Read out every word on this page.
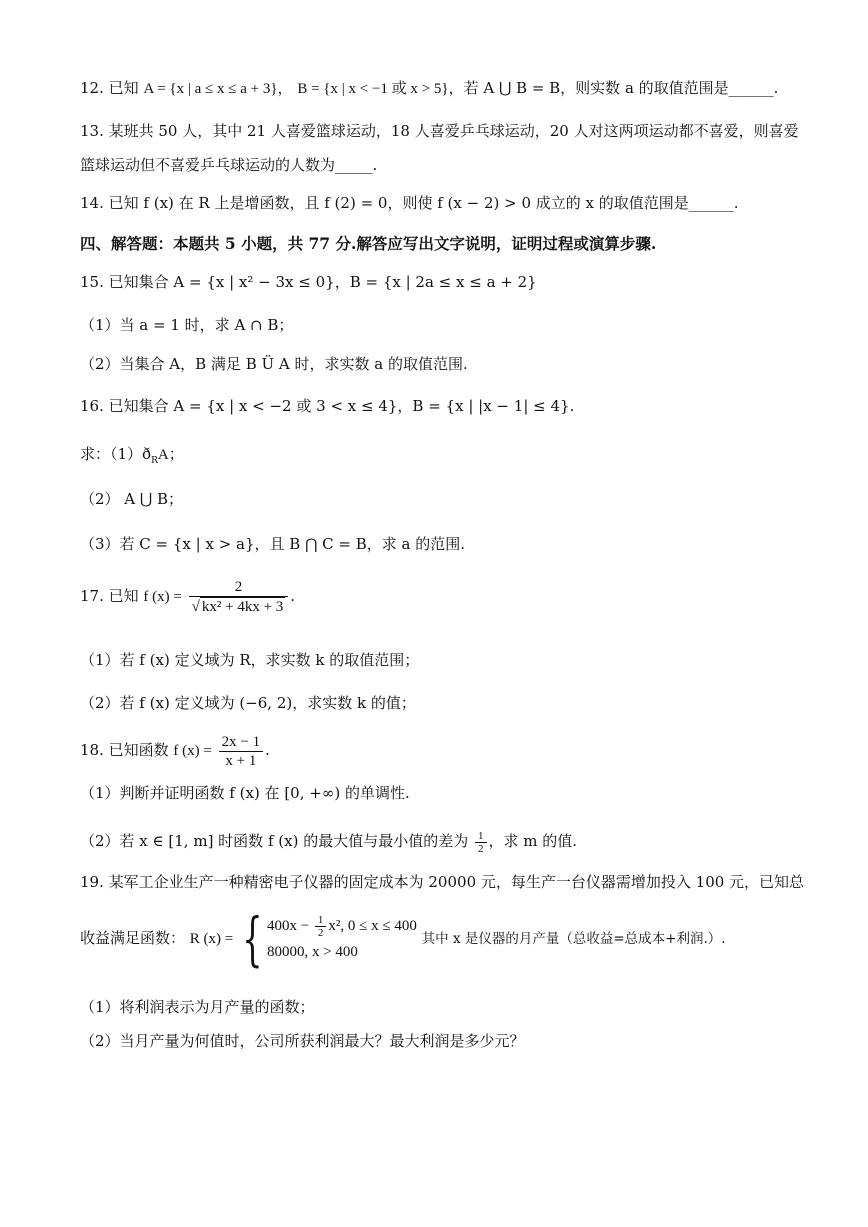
12. 已知 A = {x | a ≤ x ≤ a + 3}， B = {x | x < −1 或 x > 5}，若 A ⋃ B = B，则实数 a 的取值范围是______.
13. 某班共 50 人，其中 21 人喜爱篮球运动，18 人喜爱乒乓球运动，20 人对这两项运动都不喜爱，则喜爱
篮球运动但不喜爱乒乓球运动的人数为_____.
14. 已知 f (x) 在 R 上是增函数，且 f (2) = 0，则使 f (x − 2) > 0 成立的 x 的取值范围是______.
四、解答题：本题共 5 小题，共 77 分.解答应写出文字说明，证明过程或演算步骤.
15. 已知集合 A = {x | x² − 3x ≤ 0}，B = {x | 2a ≤ x ≤ a + 2}
（1）当 a = 1 时，求 A ∩ B；
（2）当集合 A，B 满足 B Ü A 时，求实数 a 的取值范围.
16. 已知集合 A = {x | x < −2 或 3 < x ≤ 4}，B = {x | |x − 1| ≤ 4}.
求：$(1)ð_RA$；
（2） A ⋃ B；
（3）若 C = {x | x > a}，且 B ⋂ C = B，求 a 的范围.
17. 已知 f $(x) = \frac{2}{\text{√ kx² + 4kx + 3}}$ .
（1）若 f (x) 定义域为 R，求实数 k 的取值范围；
（2）若 f (x) 定义域为 (−6, 2)，求实数 k 的值；
18. 已知函数 f $(x) = \frac{2x - 1}{x + 1}$ .
（1）判断并证明函数 f (x) 在 [0, +∞) 的单调性.
（2）若 x ∈ [1, m] 时函数 f (x) 的最大值与最小值的差为 $\frac{1}{2}$ ，求 m 的值.
19. 某军工企业生产一种精密电子仪器的固定成本为 20000 元，每生产一台仪器需增加投入 100 元，已知总
收益满足函数： R (x) = { $400x - \frac{1}{2} x^2$, 0 ≤ x ≤ 400
80000, x > 400
其中 x 是仪器的月产量（总收益=总成本+利润.）.
（1）将利润表示为月产量的函数；
（2）当月产量为何值时，公司所获利润最大？最大利润是多少元？
